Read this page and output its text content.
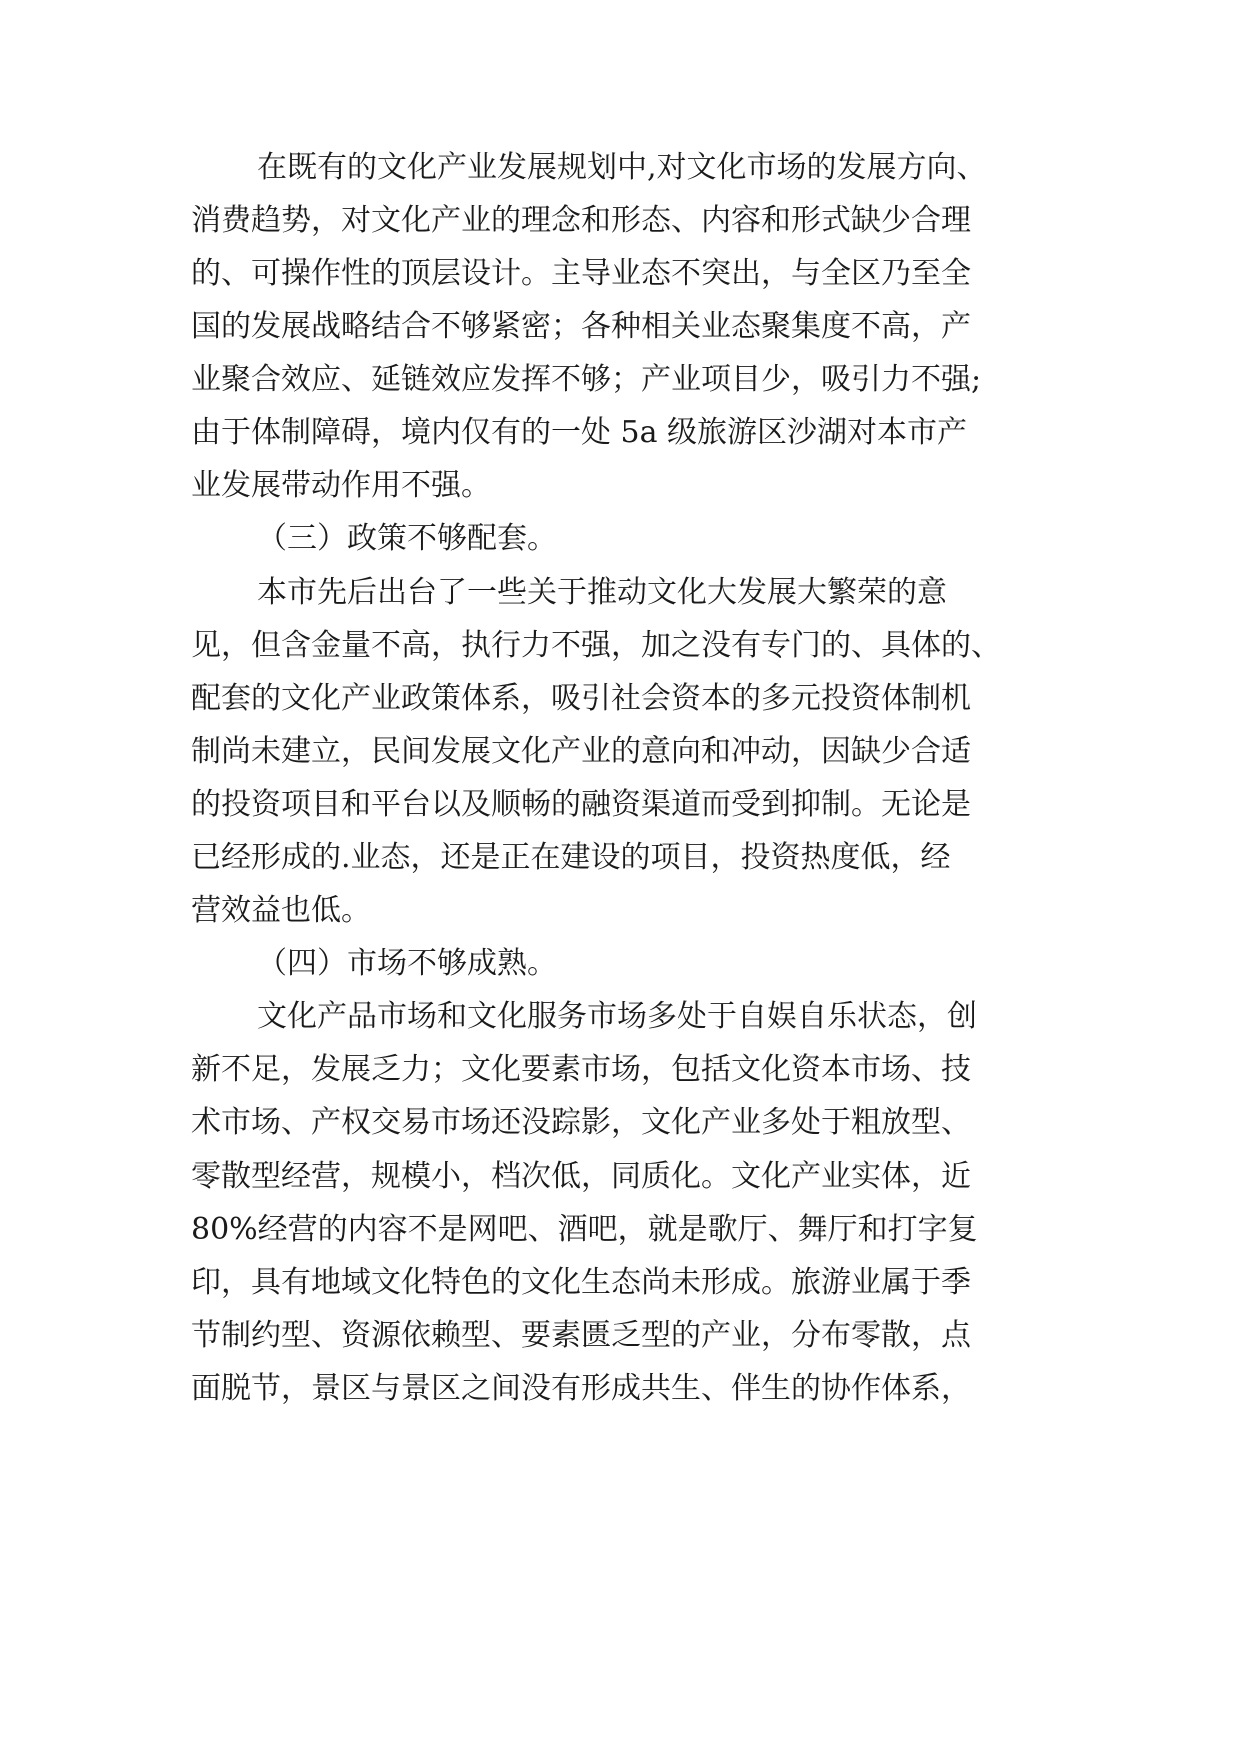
在既有的文化产业发展规划中,对文化市场的发展方向、
消费趋势，对文化产业的理念和形态、内容和形式缺少合理
的、可操作性的顶层设计。主导业态不突出，与全区乃至全
国的发展战略结合不够紧密；各种相关业态聚集度不高，产
业聚合效应、延链效应发挥不够；产业项目少，吸引力不强;
由于体制障碍，境内仅有的一处 5a 级旅游区沙湖对本市产
业发展带动作用不强。
（三）政策不够配套。
本市先后出台了一些关于推动文化大发展大繁荣的意
见，但含金量不高，执行力不强，加之没有专门的、具体的、
配套的文化产业政策体系，吸引社会资本的多元投资体制机
制尚未建立，民间发展文化产业的意向和冲动，因缺少合适
的投资项目和平台以及顺畅的融资渠道而受到抑制。无论是
已经形成的.业态，还是正在建设的项目，投资热度低，经
营效益也低。
（四）市场不够成熟。
文化产品市场和文化服务市场多处于自娱自乐状态，创
新不足，发展乏力；文化要素市场，包括文化资本市场、技
术市场、产权交易市场还没踪影，文化产业多处于粗放型、
零散型经营，规模小，档次低，同质化。文化产业实体，近
80%经营的内容不是网吧、酒吧，就是歌厅、舞厅和打字复
印，具有地域文化特色的文化生态尚未形成。旅游业属于季
节制约型、资源依赖型、要素匮乏型的产业，分布零散，点
面脱节，景区与景区之间没有形成共生、伴生的协作体系，
